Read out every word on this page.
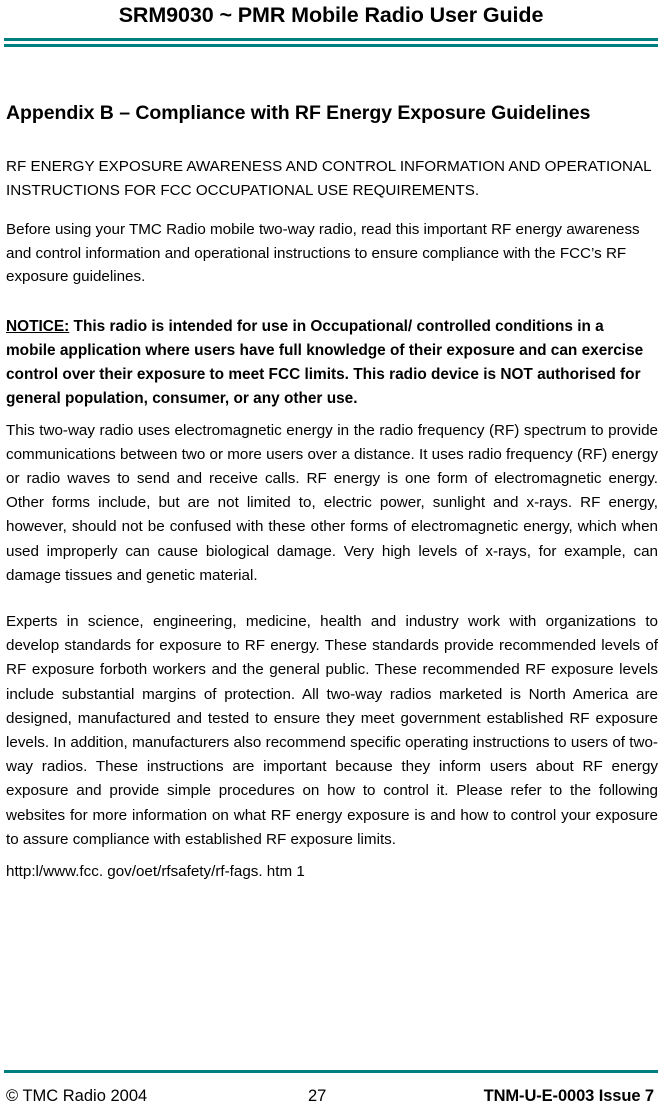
SRM9030 ~ PMR Mobile Radio User Guide
Appendix B – Compliance with RF Energy Exposure Guidelines

RF ENERGY EXPOSURE AWARENESS AND CONTROL INFORMATION AND OPERATIONAL INSTRUCTIONS FOR FCC OCCUPATIONAL USE REQUIREMENTS.

Before using your TMC Radio mobile two-way radio, read this important RF energy awareness and control information and operational instructions to ensure compliance with the FCC’s RF exposure guidelines.

NOTICE: This radio is intended for use in Occupational/ controlled conditions in a mobile application where users have full knowledge of their exposure and can exercise control over their exposure to meet FCC limits. This radio device is NOT authorised for general population, consumer, or any other use.

This two-way radio uses electromagnetic energy in the radio frequency (RF) spectrum to provide communications between two or more users over a distance. It uses radio frequency (RF) energy or radio waves to send and receive calls. RF energy is one form of electromagnetic energy. Other forms include, but are not limited to, electric power, sunlight and x-rays. RF energy, however, should not be confused with these other forms of electromagnetic energy, which when used improperly can cause biological damage. Very high levels of x-rays, for example, can damage tissues and genetic material.

Experts in science, engineering, medicine, health and industry work with organizations to develop standards for exposure to RF energy. These standards provide recommended levels of RF exposure forboth workers and the general public. These recommended RF exposure levels include substantial margins of protection. All two-way radios marketed is North America are designed, manufactured and tested to ensure they meet government established RF exposure levels. In addition, manufacturers also recommend specific operating instructions to users of two-way radios. These instructions are important because they inform users about RF energy exposure and provide simple procedures on how to control it. Please refer to the following websites for more information on what RF energy exposure is and how to control your exposure to assure compliance with established RF exposure limits.

http:l/www.fcc. gov/oet/rfsafety/rf-fags. htm 1

© TMC Radio 2004	27	TNM-U-E-0003 Issue 7
